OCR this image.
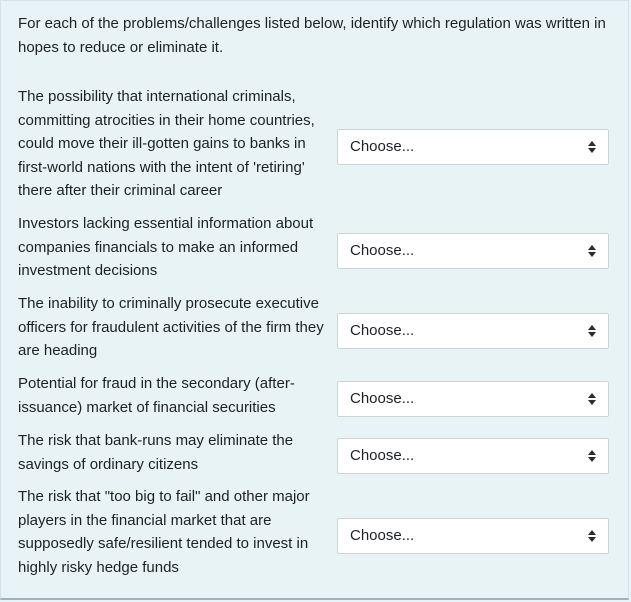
For each of the problems/challenges listed below, identify which regulation was written in hopes to reduce or eliminate it.
The possibility that international criminals, committing atrocities in their home countries, could move their ill-gotten gains to banks in first-world nations with the intent of 'retiring' there after their criminal career
Choose...
Investors lacking essential information about companies financials to make an informed investment decisions
Choose...
The inability to criminally prosecute executive officers for fraudulent activities of the firm they are heading
Choose...
Potential for fraud in the secondary (after-issuance) market of financial securities
Choose...
The risk that bank-runs may eliminate the savings of ordinary citizens
Choose...
The risk that "too big to fail" and other major players in the financial market that are supposedly safe/resilient tended to invest in highly risky hedge funds
Choose...
